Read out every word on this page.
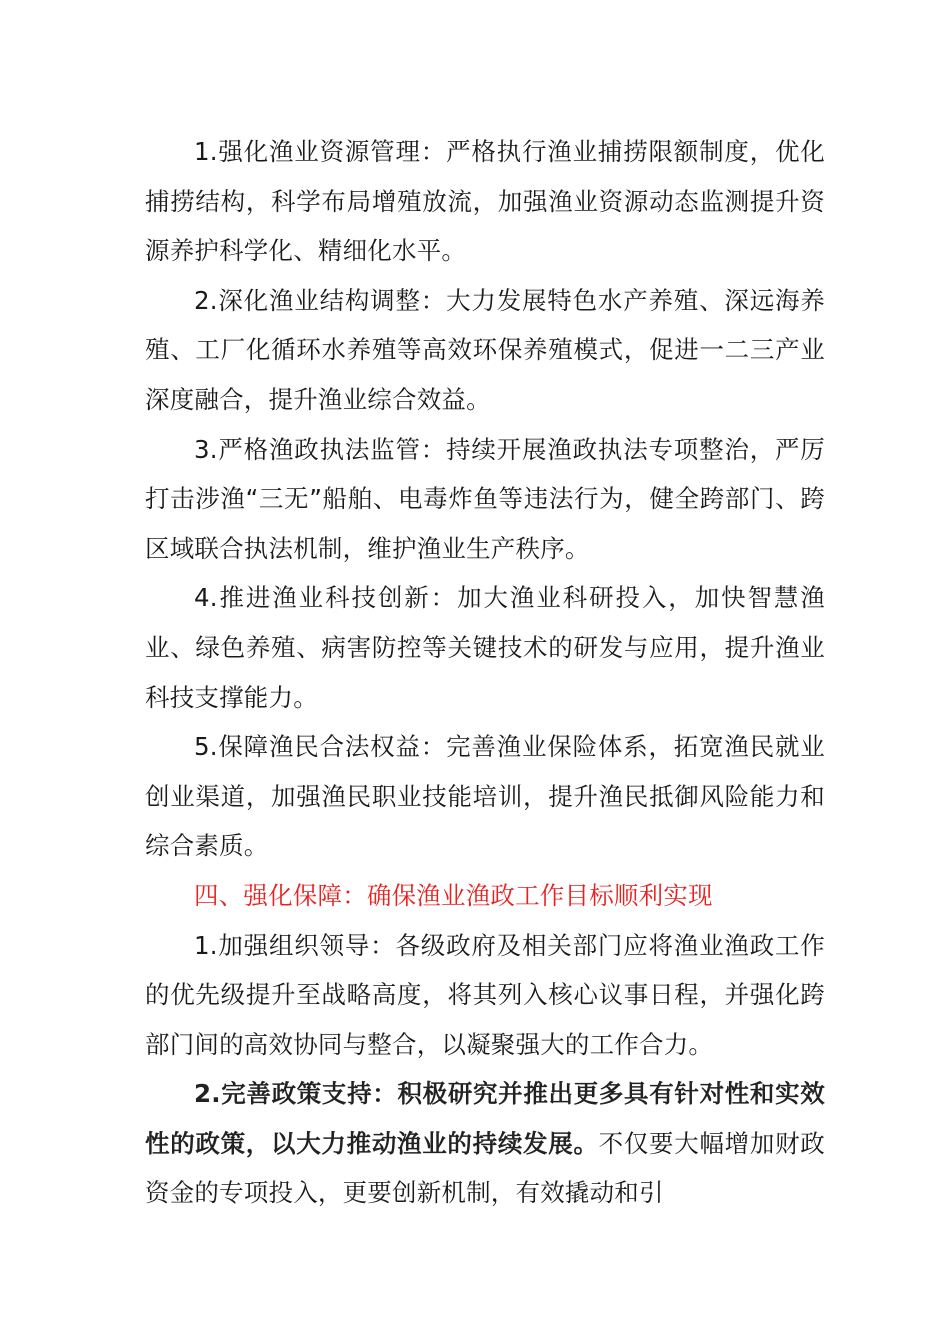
1.强化渔业资源管理：严格执行渔业捕捞限额制度，优化捕捞结构，科学布局增殖放流，加强渔业资源动态监测提升资源养护科学化、精细化水平。

2.深化渔业结构调整：大力发展特色水产养殖、深远海养殖、工厂化循环水养殖等高效环保养殖模式，促进一二三产业深度融合，提升渔业综合效益。

3.严格渔政执法监管：持续开展渔政执法专项整治，严厉打击涉渔“三无”船舶、电毒炸鱼等违法行为，健全跨部门、跨区域联合执法机制，维护渔业生产秩序。

4.推进渔业科技创新：加大渔业科研投入，加快智慧渔业、绿色养殖、病害防控等关键技术的研发与应用，提升渔业科技支撑能力。

5.保障渔民合法权益：完善渔业保险体系，拓宽渔民就业创业渠道，加强渔民职业技能培训，提升渔民抵御风险能力和综合素质。

四、强化保障：确保渔业渔政工作目标顺利实现

1.加强组织领导：各级政府及相关部门应将渔业渔政工作的优先级提升至战略高度，将其列入核心议事日程，并强化跨部门间的高效协同与整合，以凝聚强大的工作合力。

2.完善政策支持：积极研究并推出更多具有针对性和实效性的政策，以大力推动渔业的持续发展。不仅要大幅增加财政资金的专项投入，更要创新机制，有效撬动和引
